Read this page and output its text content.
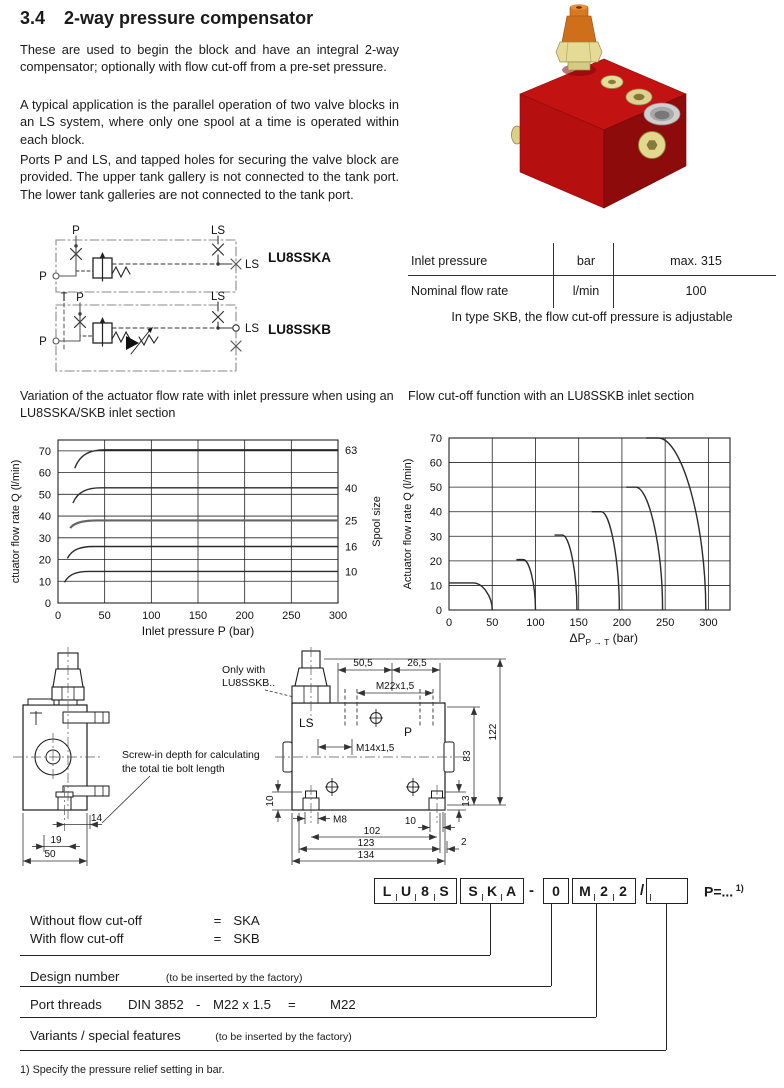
3.4	2-way pressure compensator
These are used to begin the block and have an integral 2-way compensator; optionally with flow cut-off from a pre-set pressure.
A typical application is the parallel operation of two valve blocks in an LS system, where only one spool at a time is operated within each block.
Ports P and LS, and tapped holes for securing the valve block are provided. The upper tank gallery is not connected to the tank port. The lower tank galleries are not connected to the tank port.
P	LS
P
LS LU8SSKA
T P	LS
P
LS LU8SSKB
Inlet pressure	bar	max. 315
Nominal flow rate	l/min	100
In type SKB, the flow cut-off pressure is adjustable
Variation of the actuator flow rate with inlet pressure when using an LU8SSKA/SKB inlet section
Flow cut-off function with an LU8SSKB inlet section
0
10
20
30
40
50
60
70
0	50	100	150	200	250	300
ctuator flow rate Q (l/min)
Inlet pressure P (bar)
63
40
25
16
10
Spool size
0
10
20
30
40
50
60
70
0	50	100 150 200 250 300
Actuator flow rate Q (l/min)
$\Delta P_{P \to T}$ (bar)
14
19
50
Screw-in depth for calculating
the total tie bolt length
Only with
LU8SSKB..
50,5	26,5
M22x1,5
LS
M14x1,5
P	122
83
13
10
M8	10
102
123	2
134
L U 8 S	S K A -	0	M 2 2 /	P=... $^{1)}$
Without flow cut-off	= SKA
With flow cut-off	= SKB
Design number	(to be inserted by the factory)
Port threads DIN 3852 - M22 x 1.5 =	M22
Variants / special features	(to be inserted by the factory)
1) Specify the pressure relief setting in bar.
